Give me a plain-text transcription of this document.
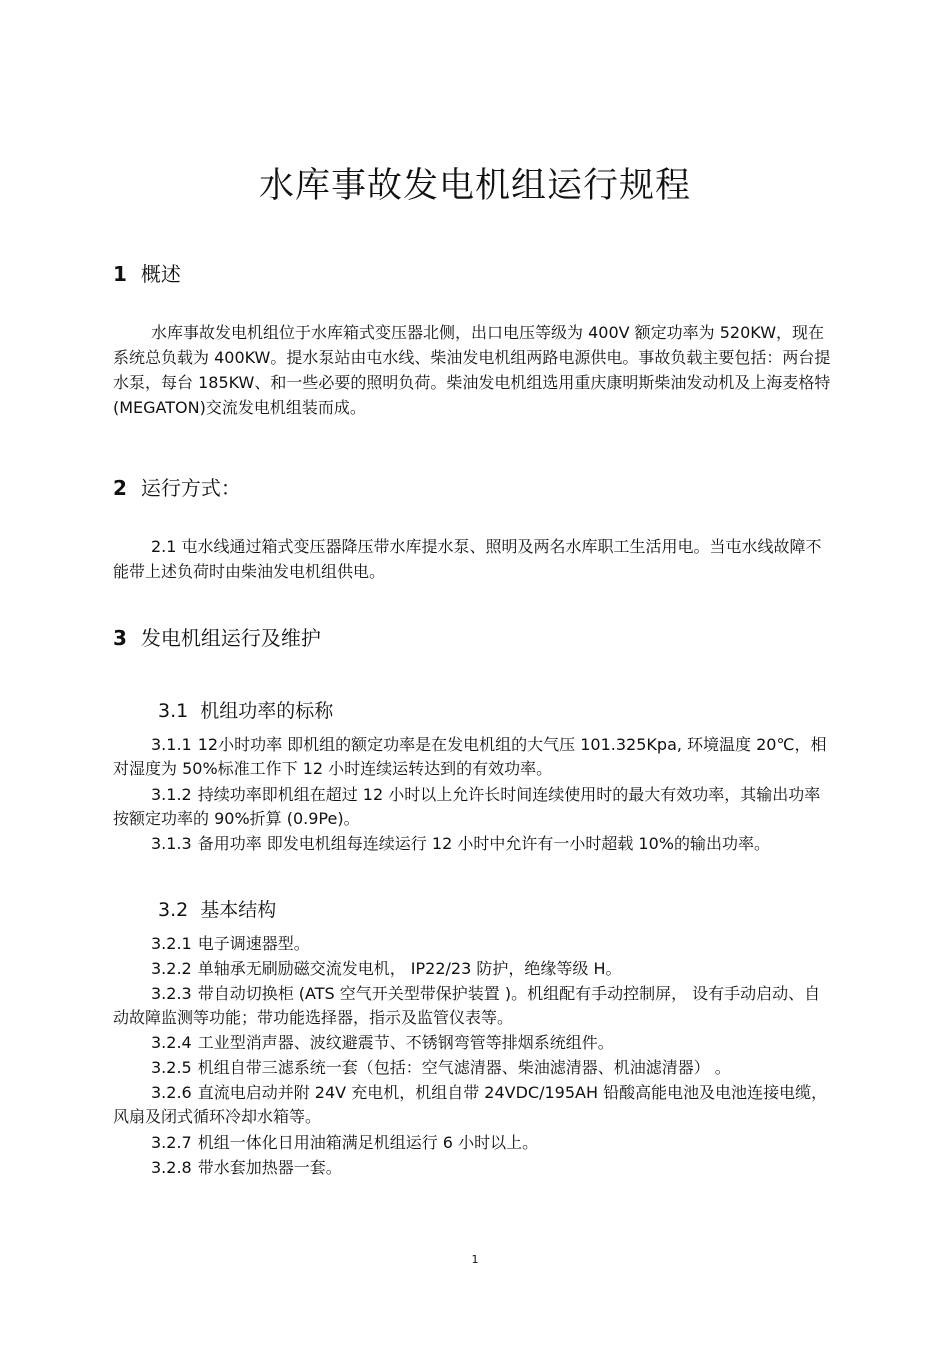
水库事故发电机组运行规程
1 概述

水库事故发电机组位于水库箱式变压器北侧，出口电压等级为 400V 额定功率为 520KW，现在系统总负载为 400KW。提水泵站由屯水线、柴油发电机组两路电源供电。事故负载主要包括：两台提水泵，每台 185KW、和一些必要的照明负荷。柴油发电机组选用重庆康明斯柴油发动机及上海麦格特 (MEGATON)交流发电机组装而成。

2 运行方式：

2.1 屯水线通过箱式变压器降压带水库提水泵、照明及两名水库职工生活用电。当屯水线故障不能带上述负荷时由柴油发电机组供电。

3 发电机组运行及维护
3.1 机组功率的标称

3.1.1 12小时功率 即机组的额定功率是在发电机组的大气压 101.325Kpa, 环境温度 20℃，相对湿度为 50%标准工作下 12 小时连续运转达到的有效功率。

3.1.2 持续功率即机组在超过 12 小时以上允许长时间连续使用时的最大有效功率，其输出功率按额定功率的 90%折算 (0.9Pe)。

3.1.3 备用功率 即发电机组每连续运行 12 小时中允许有一小时超载 10%的输出功率。

3.2 基本结构

3.2.1 电子调速器型。

3.2.2 单轴承无刷励磁交流发电机， IP22/23 防护，绝缘等级 H。

3.2.3 带自动切换柜 (ATS 空气开关型带保护装置 )。机组配有手动控制屏， 设有手动启动、自动故障监测等功能；带功能选择器，指示及监管仪表等。

3.2.4 工业型消声器、波纹避震节、不锈钢弯管等排烟系统组件。

3.2.5 机组自带三滤系统一套（包括：空气滤清器、柴油滤清器、机油滤清器） 。

3.2.6 直流电启动并附 24V 充电机，机组自带 24VDC/195AH 铅酸高能电池及电池连接电缆，风扇及闭式循环冷却水箱等。

3.2.7 机组一体化日用油箱满足机组运行 6 小时以上。

3.2.8 带水套加热器一套。

1
